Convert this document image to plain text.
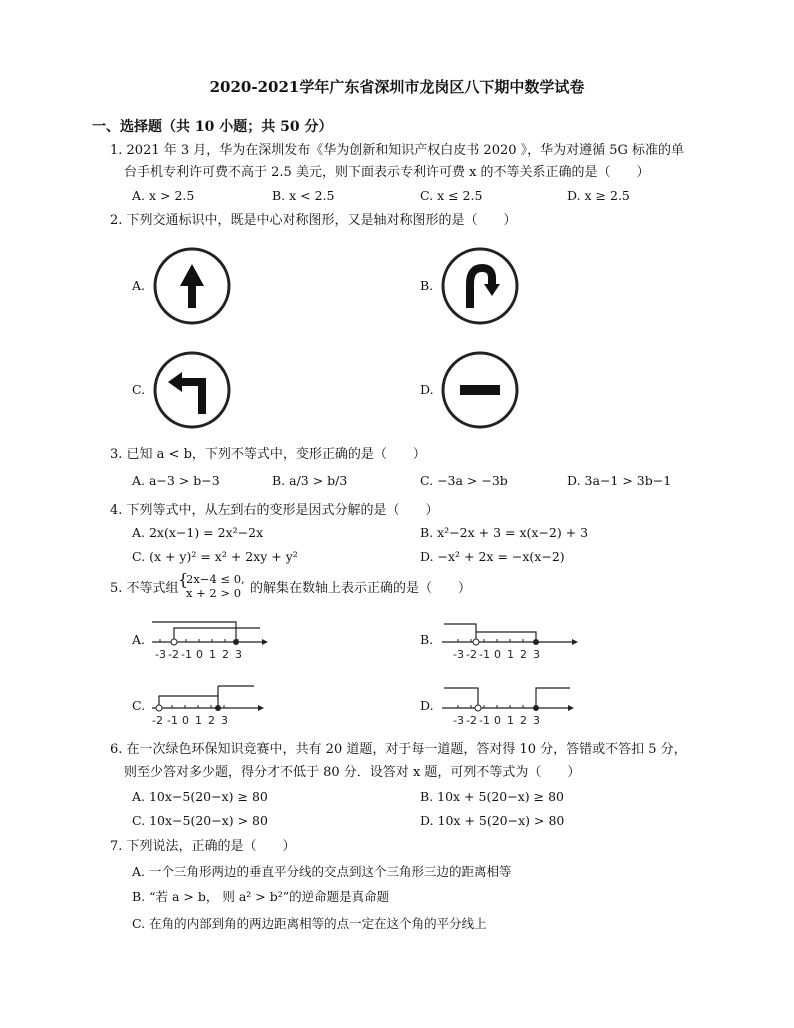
2020-2021学年广东省深圳市龙岗区八下期中数学试卷
一、选择题（共 10 小题；共 50 分）
1. 2021 年 3 月，华为在深圳发布《华为创新和知识产权白皮书 2020 》，华为对遵循 5G 标准的单
台手机专利许可费不高于 2.5 美元，则下面表示专利许可费 x 的不等关系正确的是（　　）
A. x > 2.5	B. x < 2.5	C. x ≤ 2.5	D. x ≥ 2.5
2. 下列交通标识中，既是中心对称图形，又是轴对称图形的是（　　）
A.	B.
C.	D.
3. 已知 a < b，下列不等式中，变形正确的是（　　）
A. a−3 > b−3	B. a/3 > b/3	C. −3a > −3b	D. 3a−1 > 3b−1
4. 下列等式中，从左到右的变形是因式分解的是（　　）
A. 2x(x−1) = 2x²−2x	B. x²−2x + 3 = x(x−2) + 3
C. (x + y)² = x² + 2xy + y²	D. −x² + 2x = −x(x−2)
5. 不等式组 {
2x−4 ≤ 0,
x + 2 > 0 的解集在数轴上表示正确的是（　　）
A.
-3 -2 -1 0 1 2 3
B.
-3 -2 -1 0 1 2 3
C.
-2 -1 0 1 2 3
D.
-3 -2 -1 0 1 2 3
6. 在一次绿色环保知识竞赛中，共有 20 道题，对于每一道题，答对得 10 分，答错或不答扣 5 分，
则至少答对多少题，得分才不低于 80 分．设答对 x 题，可列不等式为（　　）
A. 10x−5(20−x) ≥ 80	B. 10x + 5(20−x) ≥ 80
C. 10x−5(20−x) > 80	D. 10x + 5(20−x) > 80
7. 下列说法，正确的是（　　）
A. 一个三角形两边的垂直平分线的交点到这个三角形三边的距离相等
B. “若 a > b， 则 a² > b²”的逆命题是真命题
C. 在角的内部到角的两边距离相等的点一定在这个角的平分线上
